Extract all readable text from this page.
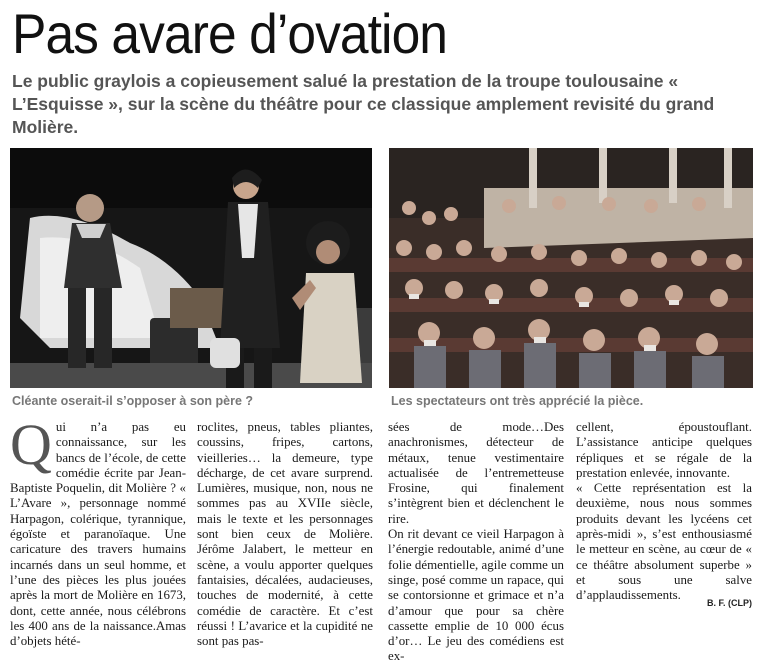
Pas avare d’ovation
Le public graylois a copieusement salué la prestation de la troupe toulousaine « L’Esquisse », sur la scène du théâtre pour ce classique amplement revisité du grand Molière.
Cléante oserait-il s’opposer à son père ?	Les spectateurs ont très apprécié la pièce.
Q ui n’a pas eu connaissance, sur les bancs de l’école, de cette comédie écrite par Jean-Baptiste Poquelin, dit Molière ? « L’Avare », personnage nommé Harpagon, colérique, tyrannique, égoïste et paranoïaque. Une caricature des travers humains incarnés dans un seul homme, et l’une des pièces les plus jouées après la mort de Molière en 1673, dont, cette année, nous célébrons les 400 ans de la naissance.Amas d’objets hété-

roclites, pneus, tables pliantes, coussins, fripes, cartons, vieilleries… la demeure, type décharge, de cet avare surprend. Lumières, musique, non, nous ne sommes pas au XVIIe siècle, mais le texte et les personnages sont bien ceux de Molière. Jérôme Jalabert, le metteur en scène, a voulu apporter quelques fantaisies, décalées, audacieuses, touches de modernité, à cette comédie de caractère. Et c’est réussi ! L’avarice et la cupidité ne sont pas pas-

sées de mode…Des anachronismes, détecteur de métaux, tenue vestimentaire actualisée de l’entremetteuse Frosine, qui finalement s’intègrent bien et déclenchent le rire.

On rit devant ce vieil Harpagon à l’énergie redoutable, animé d’une folie démentielle, agile comme un singe, posé comme un rapace, qui se contorsionne et grimace et n’a d’amour que pour sa chère cassette emplie de 10 000 écus d’or… Le jeu des comédiens est ex-

cellent, époustouflant. L’assistance anticipe quelques répliques et se régale de la prestation enlevée, innovante.

« Cette représentation est la deuxième, nous nous sommes produits devant les lycéens cet après-midi », s’est enthousiasmé le metteur en scène, au cœur de « ce théâtre absolument superbe » et sous une salve d’applaudissements.

B. F. (CLP)
